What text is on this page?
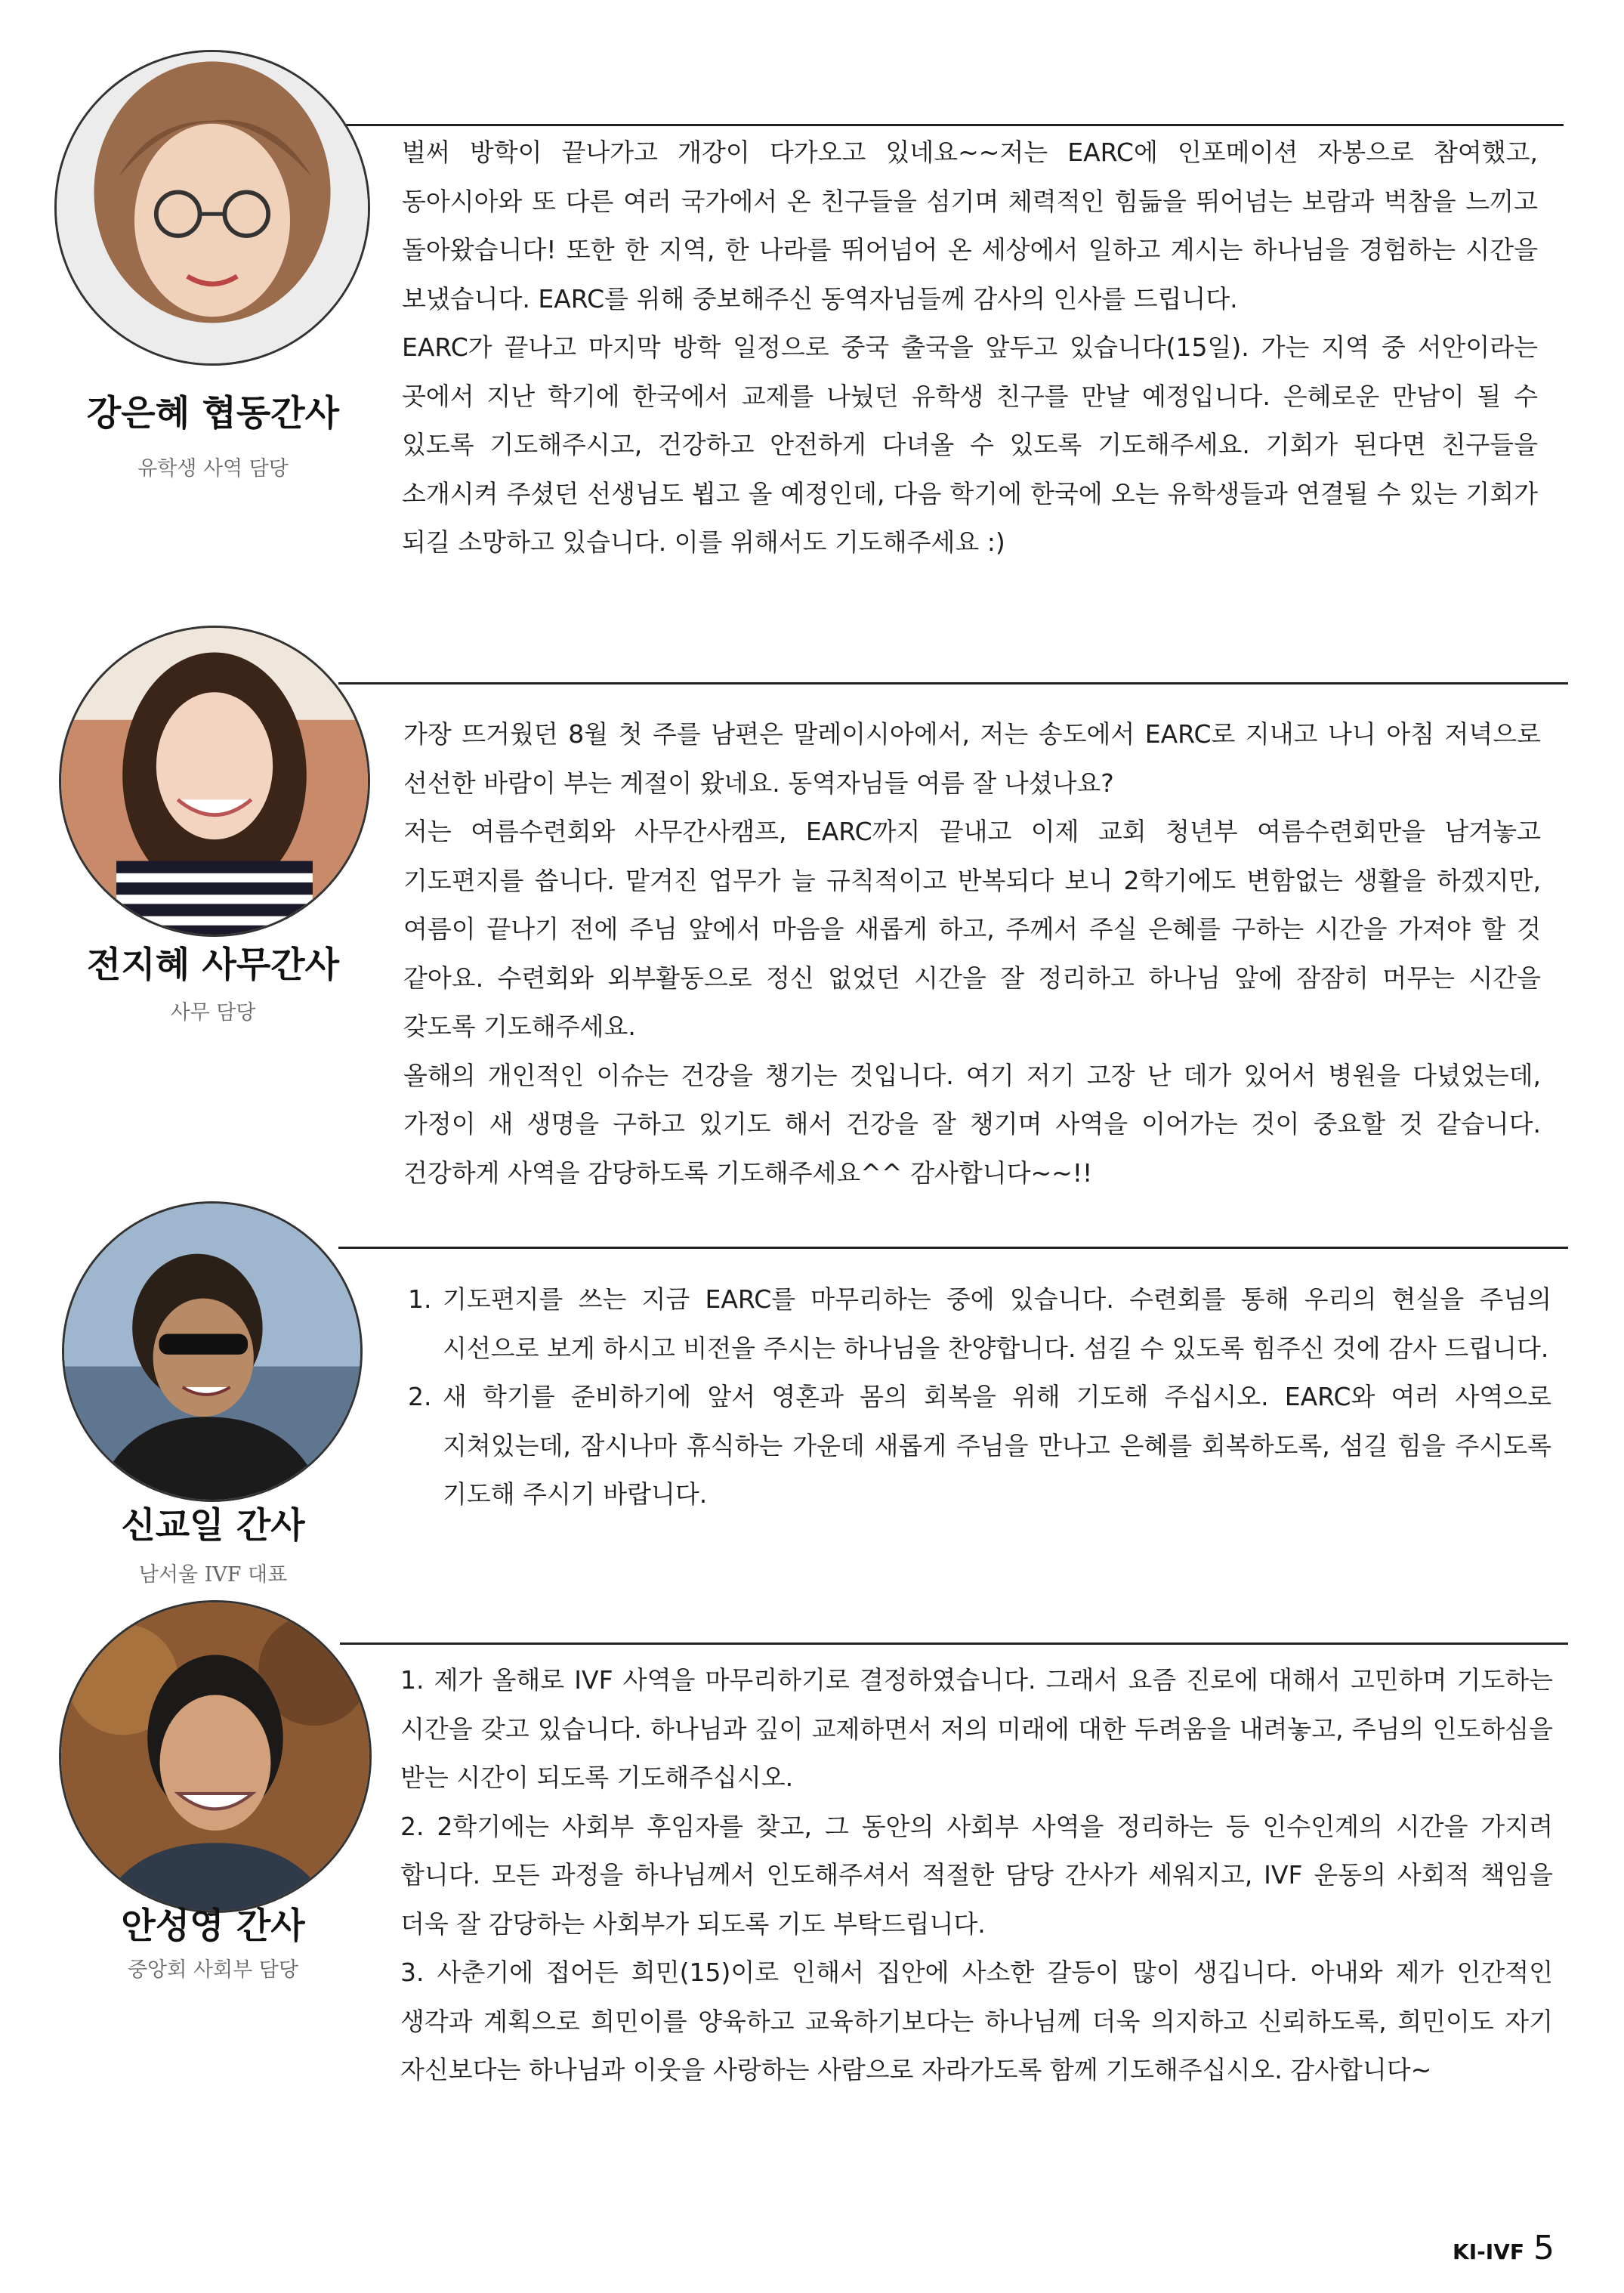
강은혜 협동간사
유학생 사역 담당

벌써 방학이 끝나가고 개강이 다가오고 있네요~~저는 EARC에 인포메이션 자봉으로 참여했고, 동아시아와 또 다른 여러 국가에서 온 친구들을 섬기며 체력적인 힘듦을 뛰어넘는 보람과 벅참을 느끼고 돌아왔습니다! 또한 한 지역, 한 나라를 뛰어넘어 온 세상에서 일하고 계시는 하나님을 경험하는 시간을 보냈습니다. EARC를 위해 중보해주신 동역자님들께 감사의 인사를 드립니다.

EARC가 끝나고 마지막 방학 일정으로 중국 출국을 앞두고 있습니다(15일). 가는 지역 중 서안이라는 곳에서 지난 학기에 한국에서 교제를 나눴던 유학생 친구를 만날 예정입니다. 은혜로운 만남이 될 수 있도록 기도해주시고, 건강하고 안전하게 다녀올 수 있도록 기도해주세요. 기회가 된다면 친구들을 소개시켜 주셨던 선생님도 뵙고 올 예정인데, 다음 학기에 한국에 오는 유학생들과 연결될 수 있는 기회가 되길 소망하고 있습니다. 이를 위해서도 기도해주세요 :)

전지혜 사무간사
사무 담당

가장 뜨거웠던 8월 첫 주를 남편은 말레이시아에서, 저는 송도에서 EARC로 지내고 나니 아침 저녁으로 선선한 바람이 부는 계절이 왔네요. 동역자님들 여름 잘 나셨나요?

저는 여름수련회와 사무간사캠프, EARC까지 끝내고 이제 교회 청년부 여름수련회만을 남겨놓고 기도편지를 씁니다. 맡겨진 업무가 늘 규칙적이고 반복되다 보니 2학기에도 변함없는 생활을 하겠지만, 여름이 끝나기 전에 주님 앞에서 마음을 새롭게 하고, 주께서 주실 은혜를 구하는 시간을 가져야 할 것 같아요. 수련회와 외부활동으로 정신 없었던 시간을 잘 정리하고 하나님 앞에 잠잠히 머무는 시간을 갖도록 기도해주세요.

올해의 개인적인 이슈는 건강을 챙기는 것입니다. 여기 저기 고장 난 데가 있어서 병원을 다녔었는데, 가정이 새 생명을 구하고 있기도 해서 건강을 잘 챙기며 사역을 이어가는 것이 중요할 것 같습니다. 건강하게 사역을 감당하도록 기도해주세요^^ 감사합니다~~!!

신교일 간사
남서울 IVF 대표
1. 기도편지를 쓰는 지금 EARC를 마무리하는 중에 있습니다. 수련회를 통해 우리의 현실을 주님의 시선으로 보게 하시고 비전을 주시는 하나님을 찬양합니다. 섬길 수 있도록 힘주신 것에 감사 드립니다.
2. 새 학기를 준비하기에 앞서 영혼과 몸의 회복을 위해 기도해 주십시오. EARC와 여러 사역으로 지쳐있는데, 잠시나마 휴식하는 가운데 새롭게 주님을 만나고 은혜를 회복하도록, 섬길 힘을 주시도록 기도해 주시기 바랍니다.
안성영 간사
중앙회 사회부 담당

1. 제가 올해로 IVF 사역을 마무리하기로 결정하였습니다. 그래서 요즘 진로에 대해서 고민하며 기도하는 시간을 갖고 있습니다. 하나님과 깊이 교제하면서 저의 미래에 대한 두려움을 내려놓고, 주님의 인도하심을 받는 시간이 되도록 기도해주십시오.

2. 2학기에는 사회부 후임자를 찾고, 그 동안의 사회부 사역을 정리하는 등 인수인계의 시간을 가지려 합니다. 모든 과정을 하나님께서 인도해주셔서 적절한 담당 간사가 세워지고, IVF 운동의 사회적 책임을 더욱 잘 감당하는 사회부가 되도록 기도 부탁드립니다.

3. 사춘기에 접어든 희민(15)이로 인해서 집안에 사소한 갈등이 많이 생깁니다. 아내와 제가 인간적인 생각과 계획으로 희민이를 양육하고 교육하기보다는 하나님께 더욱 의지하고 신뢰하도록, 희민이도 자기 자신보다는 하나님과 이웃을 사랑하는 사람으로 자라가도록 함께 기도해주십시오. 감사합니다~

KI-IVF 5
